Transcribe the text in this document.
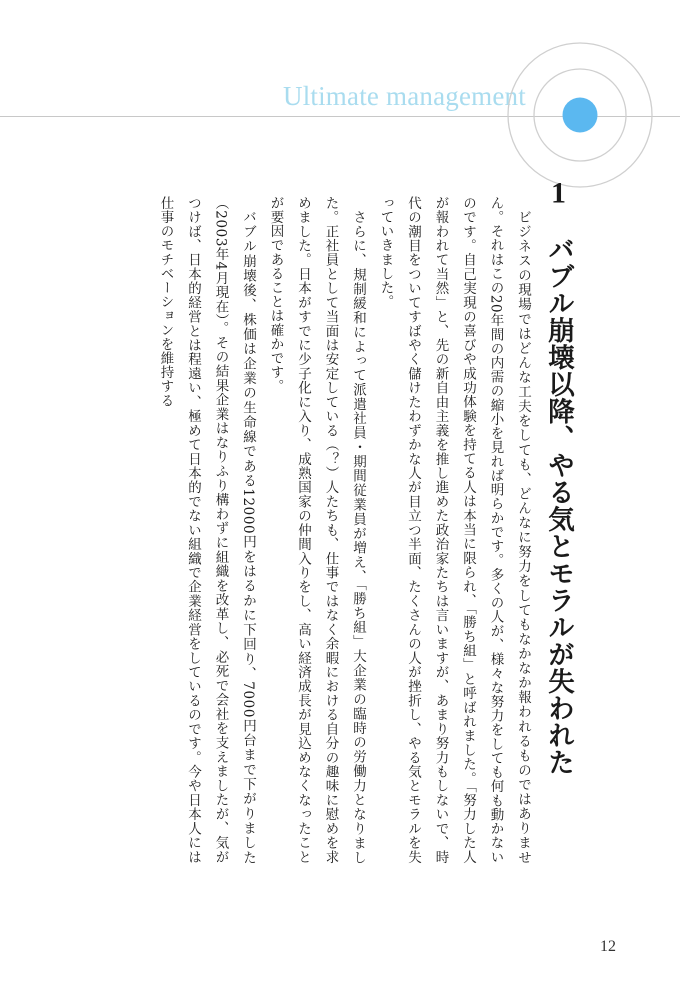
Ultimate management
1 バブル崩壊以降、やる気とモラルが失われた

ビジネスの現場ではどんな工夫をしても、どんなに努力をしてもなかなか報われるものではありません。それはこの20年間の内需の縮小を見れば明らかです。多くの人が、様々な努力をしても何も動かないのです。自己実現の喜びや成功体験を持てる人は本当に限られ、「勝ち組」と呼ばれました。「努力した人が報われて当然」と、先の新自由主義を推し進めた政治家たちは言いますが、あまり努力もしないで、時代の潮目をついてすばやく儲けたわずかな人が目立つ半面、たくさんの人が挫折し、やる気とモラルを失っていきました。

さらに、規制緩和によって派遣社員・期間従業員が増え、「勝ち組」大企業の臨時の労働力となりました。正社員として当面は安定している（？）人たちも、仕事ではなく余暇における自分の趣味に慰めを求めました。日本がすでに少子化に入り、成熟国家の仲間入りをし、高い経済成長が見込めなくなったことが要因であることは確かです。

バブル崩壊後、株価は企業の生命線である12000円をはるかに下回り、7000円台まで下がりました（2003年4月現在）。その結果企業はなりふり構わずに組織を改革し、必死で会社を支えましたが、気がつけば、日本的経営とは程遠い、極めて日本的でない組織で企業経営をしているのです。今や日本人には仕事のモチベーションを維持する

12
